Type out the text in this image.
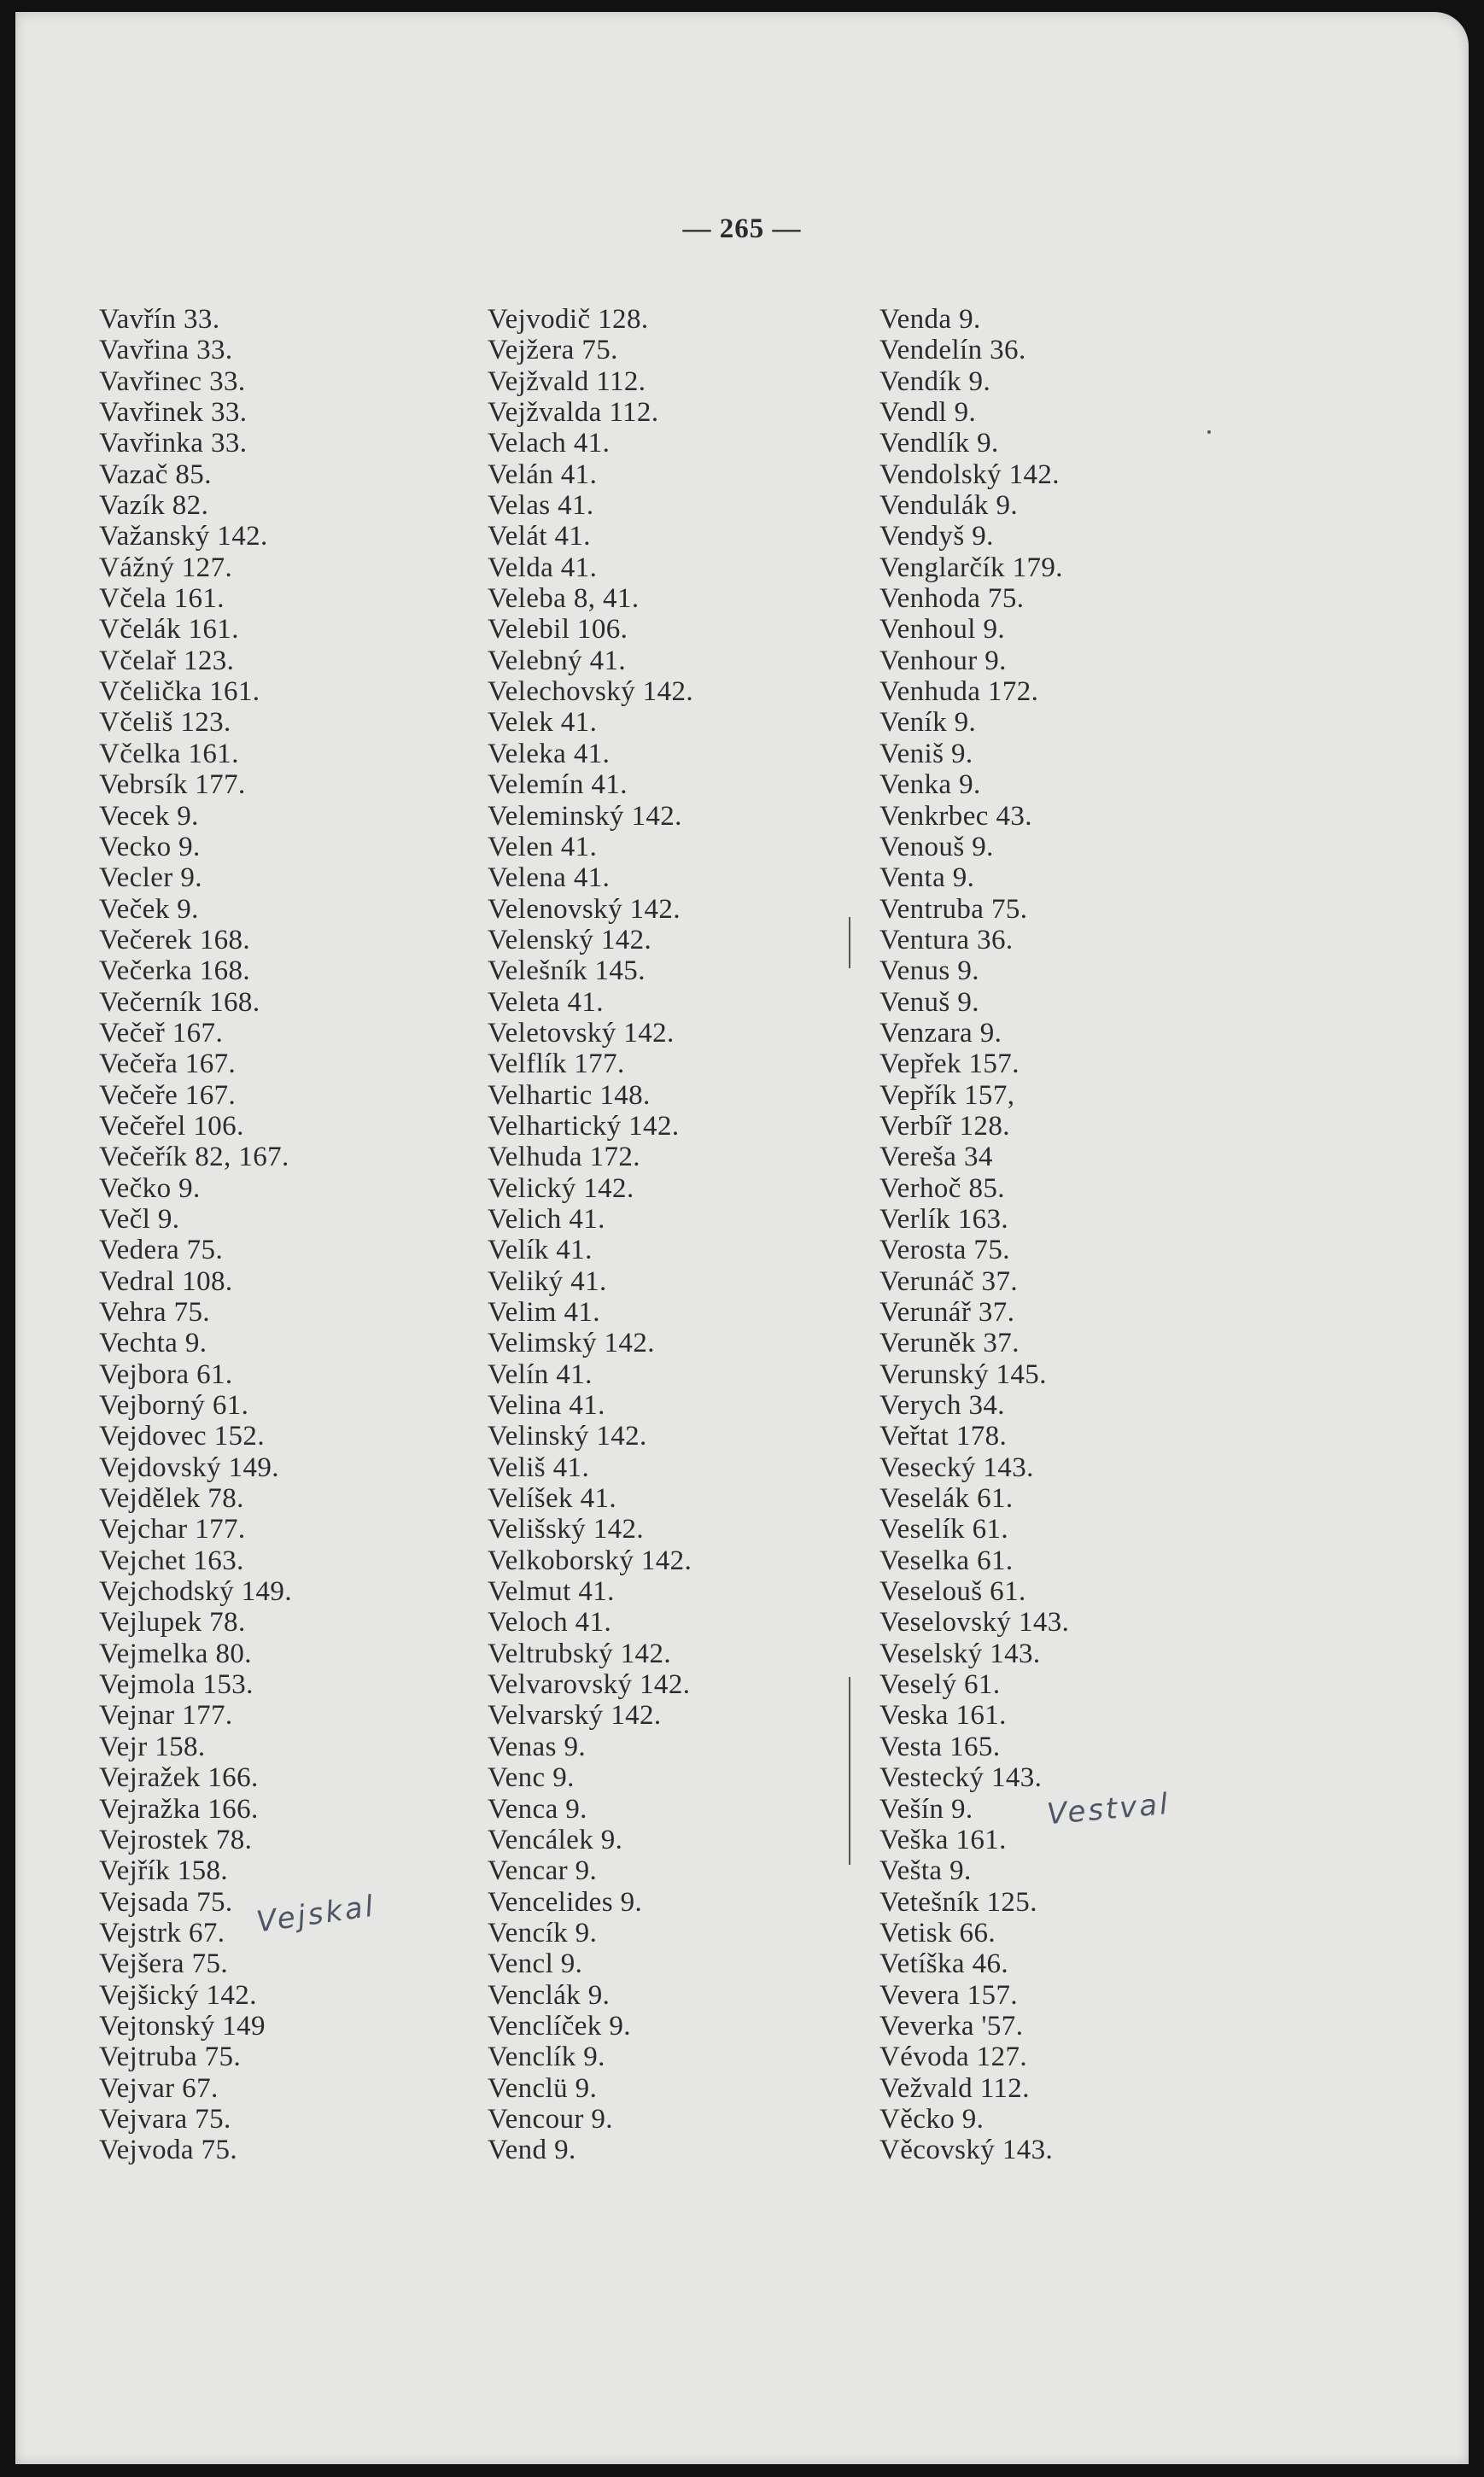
— 265 —
Vavřín 33.
Vavřina 33.
Vavřinec 33.
Vavřinek 33.
Vavřinka 33.
Vazač 85.
Vazík 82.
Važanský 142.
Vážný 127.
Včela 161.
Včelák 161.
Včelař 123.
Včelička 161.
Včeliš 123.
Včelka 161.
Vebrsík 177.
Vecek 9.
Vecko 9.
Vecler 9.
Veček 9.
Večerek 168.
Večerka 168.
Večerník 168.
Večeř 167.
Večeřa 167.
Večeře 167.
Večeřel 106.
Večeřík 82, 167.
Večko 9.
Večl 9.
Vedera 75.
Vedral 108.
Vehra 75.
Vechta 9.
Vejbora 61.
Vejborný 61.
Vejdovec 152.
Vejdovský 149.
Vejdělek 78.
Vejchar 177.
Vejchet 163.
Vejchodský 149.
Vejlupek 78.
Vejmelka 80.
Vejmola 153.
Vejnar 177.
Vejr 158.
Vejražek 166.
Vejražka 166.
Vejrostek 78.
Vejřík 158.
Vejsada 75.
Vejstrk 67.
Vejšera 75.
Vejšický 142.
Vejtonský 149
Vejtruba 75.
Vejvar 67.
Vejvara 75.
Vejvoda 75.
Vejvodič 128.
Vejžera 75.
Vejžvald 112.
Vejžvalda 112.
Velach 41.
Velán 41.
Velas 41.
Velát 41.
Velda 41.
Veleba 8, 41.
Velebil 106.
Velebný 41.
Velechovský 142.
Velek 41.
Veleka 41.
Velemín 41.
Veleminský 142.
Velen 41.
Velena 41.
Velenovský 142.
Velenský 142.
Velešník 145.
Veleta 41.
Veletovský 142.
Velflík 177.
Velhartic 148.
Velhartický 142.
Velhuda 172.
Velický 142.
Velich 41.
Velík 41.
Veliký 41.
Velim 41.
Velimský 142.
Velín 41.
Velina 41.
Velinský 142.
Veliš 41.
Velíšek 41.
Velišský 142.
Velkoborský 142.
Velmut 41.
Veloch 41.
Veltrubský 142.
Velvarovský 142.
Velvarský 142.
Venas 9.
Venc 9.
Venca 9.
Vencálek 9.
Vencar 9.
Vencelides 9.
Vencík 9.
Vencl 9.
Venclák 9.
Venclíček 9.
Venclík 9.
Venclü 9.
Vencour 9.
Vend 9.
Venda 9.
Vendelín 36.
Vendík 9.
Vendl 9.
Vendlík 9.
Vendolský 142.
Vendulák 9.
Vendyš 9.
Venglarčík 179.
Venhoda 75.
Venhoul 9.
Venhour 9.
Venhuda 172.
Veník 9.
Veniš 9.
Venka 9.
Venkrbec 43.
Venouš 9.
Venta 9.
Ventruba 75.
Ventura 36.
Venus 9.
Venuš 9.
Venzara 9.
Vepřek 157.
Vepřík 157,
Verbíř 128.
Vereša 34
Verhoč 85.
Verlík 163.
Verosta 75.
Verunáč 37.
Verunář 37.
Veruněk 37.
Verunský 145.
Verych 34.
Veřtat 178.
Vesecký 143.
Veselák 61.
Veselík 61.
Veselka 61.
Veselouš 61.
Veselovský 143.
Veselský 143.
Veselý 61.
Veska 161.
Vesta 165.
Vestecký 143.
Vešín 9.
Veška 161.
Vešta 9.
Vetešník 125.
Vetisk 66.
Vetíška 46.
Vevera 157.
Veverka '57.
Vévoda 127.
Vežvald 112.
Věcko 9.
Věcovský 143.
Vejskal
Vestval
